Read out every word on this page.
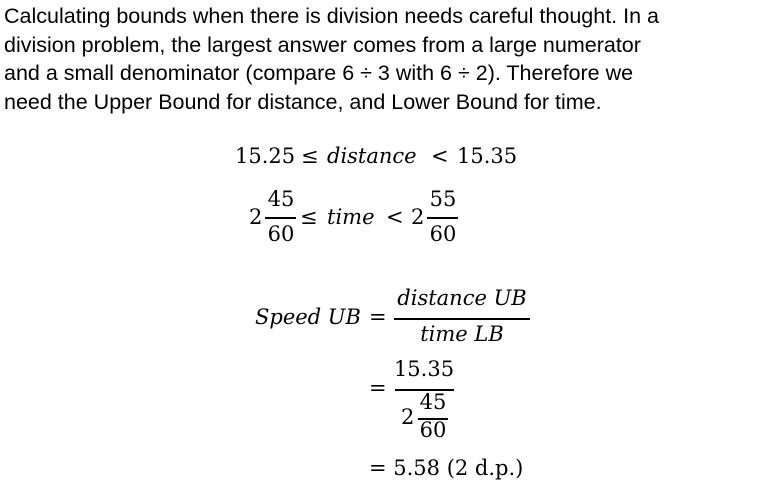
Calculating bounds when there is division needs careful thought. In a
division problem, the largest answer comes from a large numerator
and a small denominator (compare 6 ÷ 3 with 6 ÷ 2). Therefore we
need the Upper Bound for distance, and Lower Bound for time.
15.25 ≤ distance < 15.35
2
45
60
≤ time < 2
55
60
Speed UB =
distance UB
time LB
=
15.35
2
45
60
= 5.58 (2 d.p.)
